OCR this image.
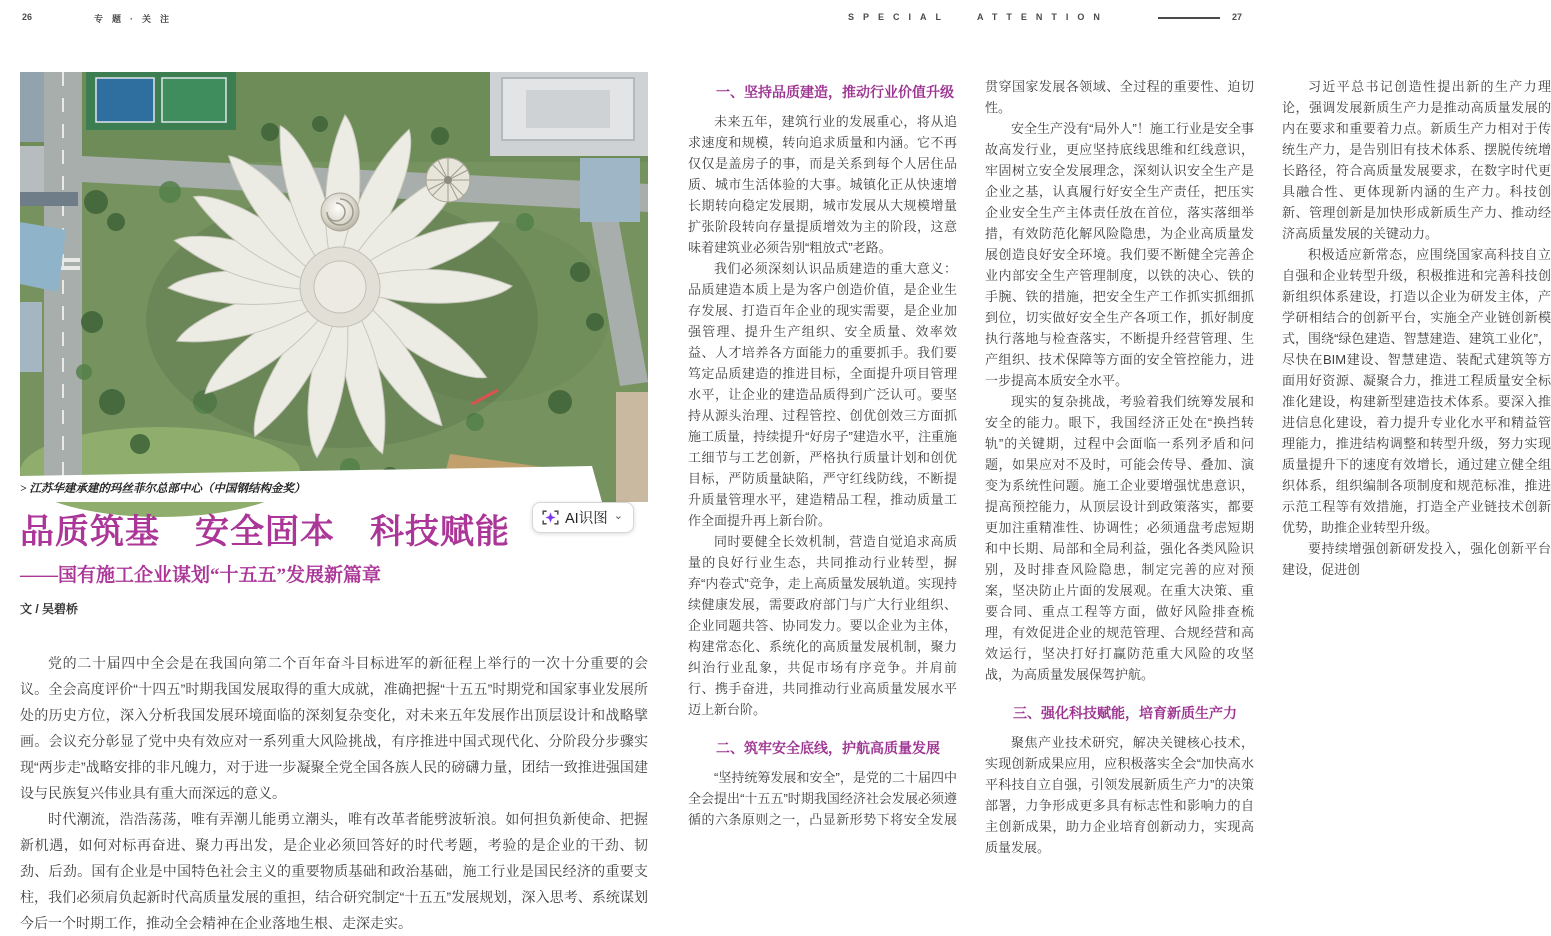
26	专题·关注	SPECIAL ATTENTION	27
> 江苏华建承建的玛丝菲尔总部中心（中国钢结构金奖）
AI识图 ⌄
品质筑基　安全固本　科技赋能
——国有施工企业谋划“十五五”发展新篇章
文 / 吴碧桥

党的二十届四中全会是在我国向第二个百年奋斗目标进军的新征程上举行的一次十分重要的会议。全会高度评价“十四五”时期我国发展取得的重大成就，准确把握“十五五”时期党和国家事业发展所处的历史方位，深入分析我国发展环境面临的深刻复杂变化，对未来五年发展作出顶层设计和战略擘画。会议充分彰显了党中央有效应对一系列重大风险挑战，有序推进中国式现代化、分阶段分步骤实现“两步走”战略安排的非凡魄力，对于进一步凝聚全党全国各族人民的磅礴力量，团结一致推进强国建设与民族复兴伟业具有重大而深远的意义。

时代潮流，浩浩荡荡，唯有弄潮儿能勇立潮头，唯有改革者能劈波斩浪。如何担负新使命、把握新机遇，如何对标再奋进、聚力再出发，是企业必须回答好的时代考题，考验的是企业的干劲、韧劲、后劲。国有企业是中国特色社会主义的重要物质基础和政治基础，施工行业是国民经济的重要支柱，我们必须肩负起新时代高质量发展的重担，结合研究制定“十五五”发展规划，深入思考、系统谋划今后一个时期工作，推动全会精神在企业落地生根、走深走实。

一、坚持品质建造，推动行业价值升级

未来五年，建筑行业的发展重心，将从追求速度和规模，转向追求质量和内涵。它不再仅仅是盖房子的事，而是关系到每个人居住品质、城市生活体验的大事。城镇化正从快速增长期转向稳定发展期，城市发展从大规模增量扩张阶段转向存量提质增效为主的阶段，这意味着建筑业必须告别“粗放式”老路。

我们必须深刻认识品质建造的重大意义：品质建造本质上是为客户创造价值，是企业生存发展、打造百年企业的现实需要，是企业加强管理、提升生产组织、安全质量、效率效益、人才培养各方面能力的重要抓手。我们要笃定品质建造的推进目标，全面提升项目管理水平，让企业的建造品质得到广泛认可。要坚持从源头治理、过程管控、创优创效三方面抓施工质量，持续提升“好房子”建造水平，注重施工细节与工艺创新，严格执行质量计划和创优目标，严防质量缺陷，严守红线防线，不断提升质量管理水平，建造精品工程，推动质量工作全面提升再上新台阶。

同时要健全长效机制，营造自觉追求高质量的良好行业生态，共同推动行业转型，摒弃“内卷式”竞争，走上高质量发展轨道。实现持续健康发展，需要政府部门与广大行业组织、企业同题共答、协同发力。要以企业为主体，构建常态化、系统化的高质量发展机制，聚力纠治行业乱象，共促市场有序竞争。并肩前行、携手奋进，共同推动行业高质量发展水平迈上新台阶。

二、筑牢安全底线，护航高质量发展

“坚持统筹发展和安全”，是党的二十届四中全会提出“十五五”时期我国经济社会发展必须遵循的六条原则之一，凸显新形势下将安全发展贯穿国家发展各领域、全过程的重要性、迫切性。

安全生产没有“局外人”！施工行业是安全事故高发行业，更应坚持底线思维和红线意识，牢固树立安全发展理念，深刻认识安全生产是企业之基，认真履行好安全生产责任，把压实企业安全生产主体责任放在首位，落实落细举措，有效防范化解风险隐患，为企业高质量发展创造良好安全环境。我们要不断健全完善企业内部安全生产管理制度，以铁的决心、铁的手腕、铁的措施，把安全生产工作抓实抓细抓到位，切实做好安全生产各项工作，抓好制度执行落地与检查落实，不断提升经营管理、生产组织、技术保障等方面的安全管控能力，进一步提高本质安全水平。

现实的复杂挑战，考验着我们统筹发展和安全的能力。眼下，我国经济正处在“换挡转轨”的关键期，过程中会面临一系列矛盾和问题，如果应对不及时，可能会传导、叠加、演变为系统性问题。施工企业要增强忧患意识，提高预控能力，从顶层设计到政策落实，都要更加注重精准性、协调性；必须通盘考虑短期和中长期、局部和全局利益，强化各类风险识别，及时排查风险隐患，制定完善的应对预案，坚决防止片面的发展观。在重大决策、重要合同、重点工程等方面，做好风险排查梳理，有效促进企业的规范管理、合规经营和高效运行，坚决打好打赢防范重大风险的攻坚战，为高质量发展保驾护航。

三、强化科技赋能，培育新质生产力

聚焦产业技术研究，解决关键核心技术，实现创新成果应用，应积极落实全会“加快高水平科技自立自强，引领发展新质生产力”的决策部署，力争形成更多具有标志性和影响力的自主创新成果，助力企业培育创新动力，实现高质量发展。

习近平总书记创造性提出新的生产力理论，强调发展新质生产力是推动高质量发展的内在要求和重要着力点。新质生产力相对于传统生产力，是告别旧有技术体系、摆脱传统增长路径，符合高质量发展要求，在数字时代更具融合性、更体现新内涵的生产力。科技创新、管理创新是加快形成新质生产力、推动经济高质量发展的关键动力。

积极适应新常态，应围绕国家高科技自立自强和企业转型升级，积极推进和完善科技创新组织体系建设，打造以企业为研发主体，产学研相结合的创新平台，实施全产业链创新模式，围绕“绿色建造、智慧建造、建筑工业化”，尽快在BIM建设、智慧建造、装配式建筑等方面用好资源、凝聚合力，推进工程质量安全标准化建设，构建新型建造技术体系。要深入推进信息化建设，着力提升专业化水平和精益管理能力，推进结构调整和转型升级，努力实现质量提升下的速度有效增长，通过建立健全组织体系，组织编制各项制度和规范标准，推进示范工程等有效措施，打造全产业链技术创新优势，助推企业转型升级。

要持续增强创新研发投入，强化创新平台建设，促进创
